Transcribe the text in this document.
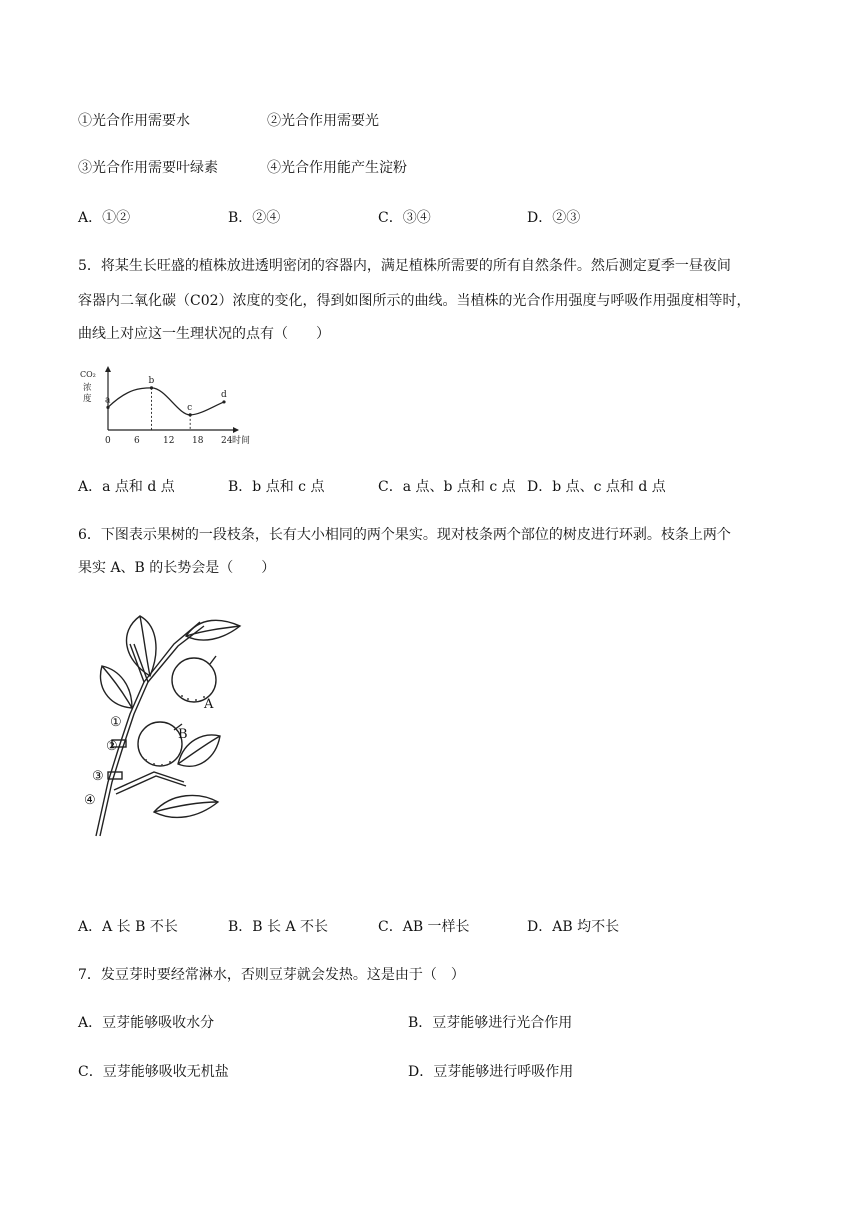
①光合作用需要水	②光合作用需要光
③光合作用需要叶绿素	④光合作用能产生淀粉
A．①②	B．②④	C．③④	D．②③
5．将某生长旺盛的植株放进透明密闭的容器内，满足植株所需要的所有自然条件。然后测定夏季一昼夜间
容器内二氧化碳（C02）浓度的变化，得到如图所示的曲线。当植株的光合作用强度与呼吸作用强度相等时，
曲线上对应这一生理状况的点有（　　）
CO₂
浓
度
0	6	12 18 24 时间
a
b
c
d
A．a 点和 d 点	B．b 点和 c 点	C．a 点、b 点和 c 点 D．b 点、c 点和 d 点
6．下图表示果树的一段枝条，长有大小相同的两个果实。现对枝条两个部位的树皮进行环剥。枝条上两个
果实 A、B 的长势会是（　　）
①
②
③
④
A
B
A．A 长 B 不长	B．B 长 A 不长	C．AB 一样长	D．AB 均不长
7．发豆芽时要经常淋水，否则豆芽就会发热。这是由于（　）
A．豆芽能够吸收水分	B．豆芽能够进行光合作用
C．豆芽能够吸收无机盐	D．豆芽能够进行呼吸作用
